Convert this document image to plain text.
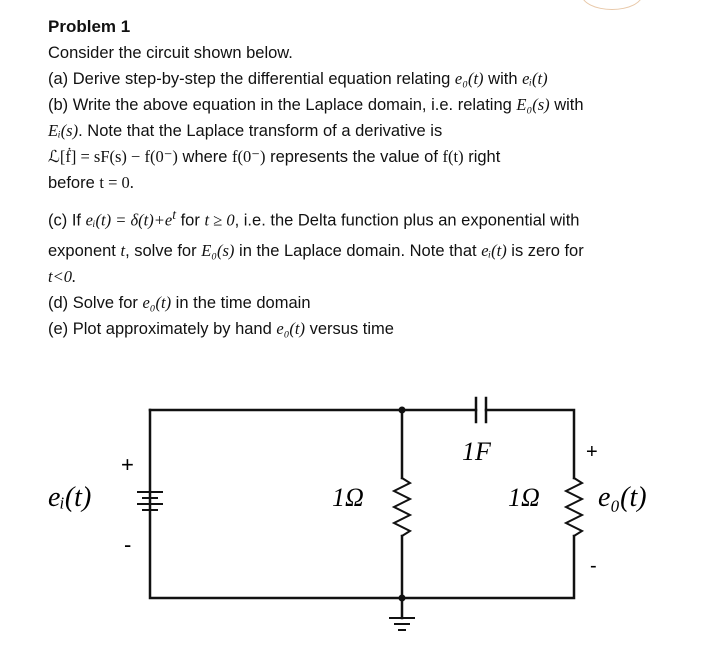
Problem 1
Consider the circuit shown below.
(a) Derive step-by-step the differential equation relating e₀(t) with eᵢ(t)
(b) Write the above equation in the Laplace domain, i.e. relating E₀(s) with
Eᵢ(s). Note that the Laplace transform of a derivative is
ℒ[ḟ] = sF(s) − f(0⁻) where f(0⁻) represents the value of f(t) right
before t = 0.
(c) If eᵢ(t) = $\delta(t)+e^t$ for t ≥ 0, i.e. the Delta function plus an exponential with
exponent t, solve for E₀(s) in the Laplace domain. Note that eᵢ(t) is zero for
t<0.
(d) Solve for e₀(t) in the time domain
(e) Plot approximately by hand e₀(t) versus time
eᵢ(t)
+
-
1Ω
1F
1Ω
+
-
e₀(t)
